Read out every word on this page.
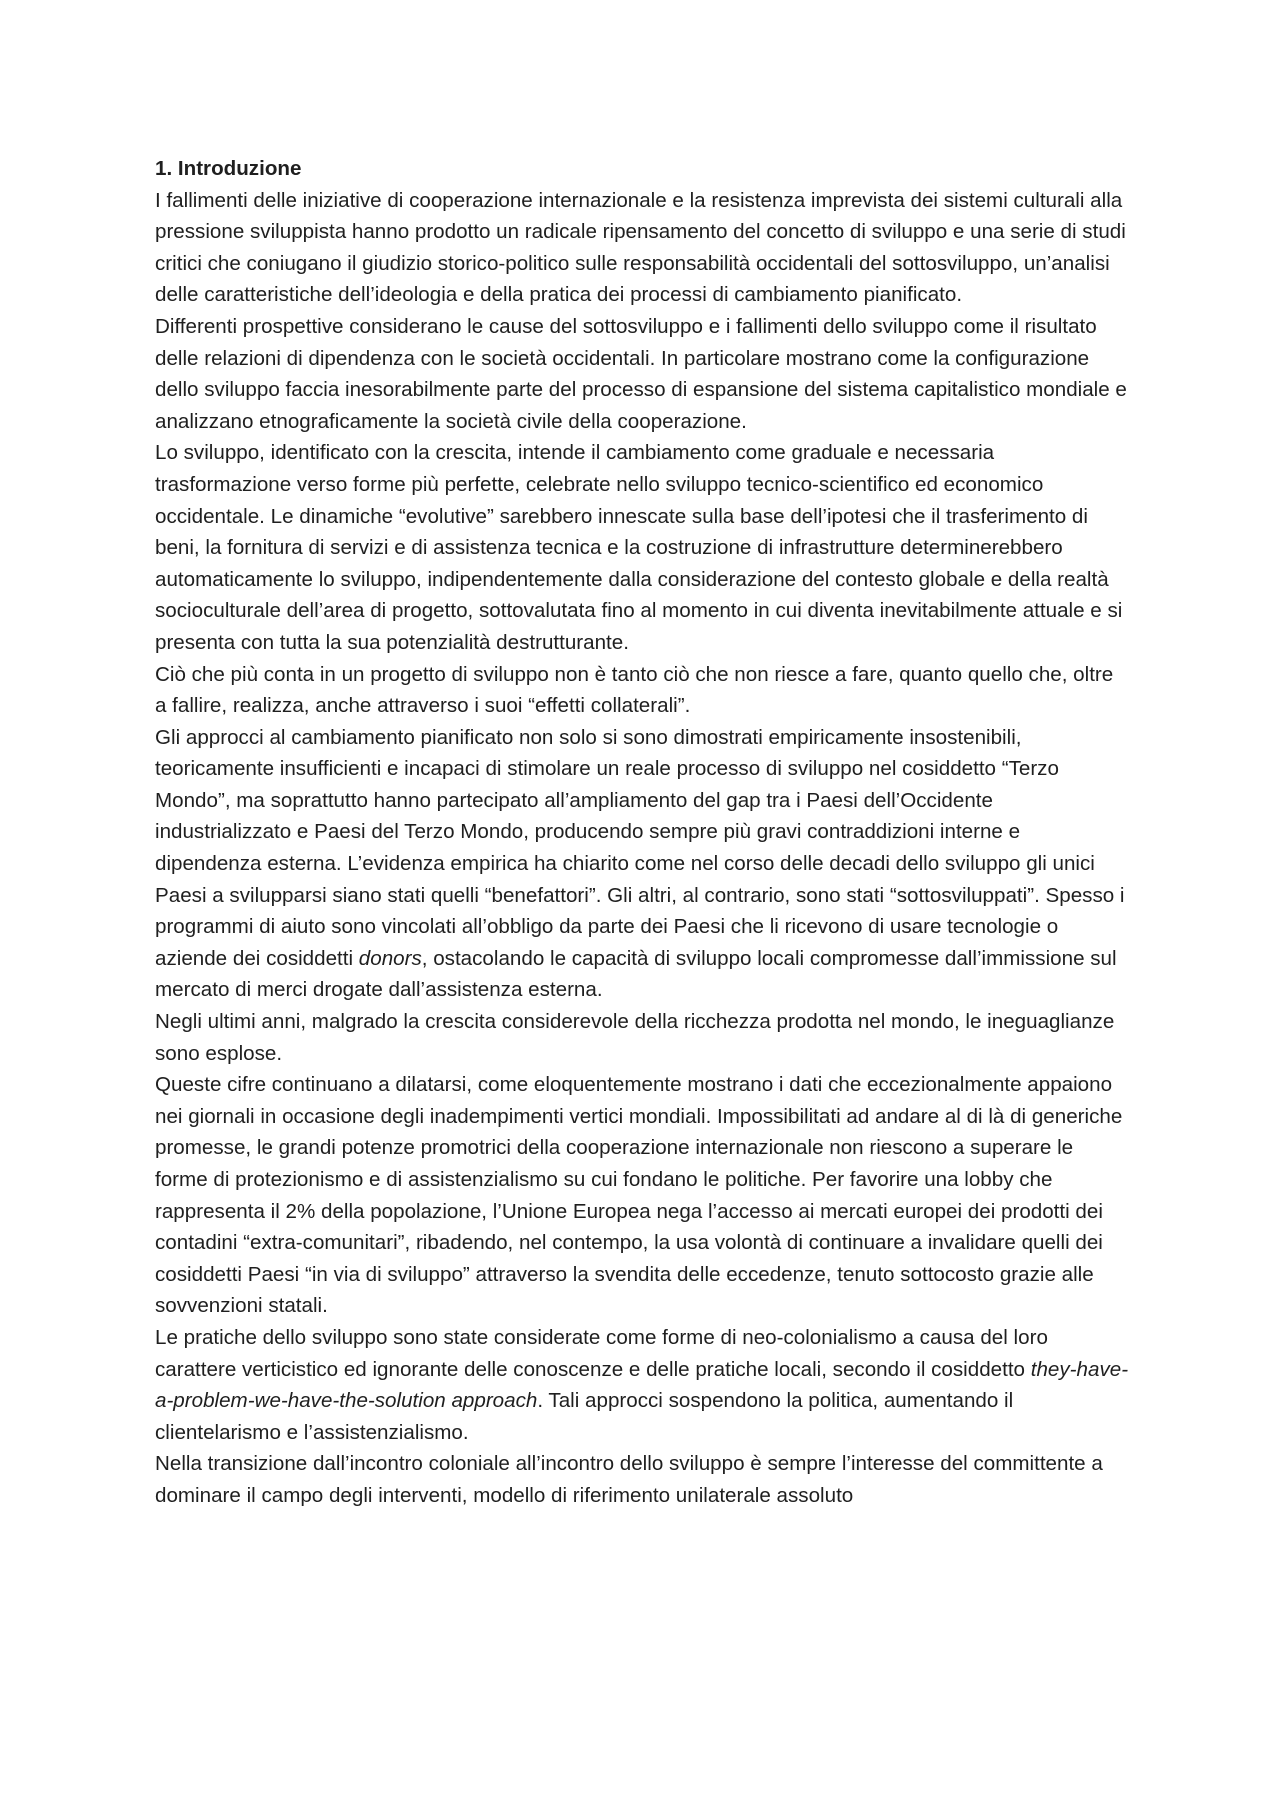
1. Introduzione

I fallimenti delle iniziative di cooperazione internazionale e la resistenza imprevista dei sistemi culturali alla pressione sviluppista hanno prodotto un radicale ripensamento del concetto di sviluppo e una serie di studi critici che coniugano il giudizio storico-politico sulle responsabilità occidentali del sottosviluppo, un’analisi delle caratteristiche dell’ideologia e della pratica dei processi di cambiamento pianificato.

Differenti prospettive considerano le cause del sottosviluppo e i fallimenti dello sviluppo come il risultato delle relazioni di dipendenza con le società occidentali. In particolare mostrano come la configurazione dello sviluppo faccia inesorabilmente parte del processo di espansione del sistema capitalistico mondiale e analizzano etnograficamente la società civile della cooperazione.

Lo sviluppo, identificato con la crescita, intende il cambiamento come graduale e necessaria trasformazione verso forme più perfette, celebrate nello sviluppo tecnico-scientifico ed economico occidentale. Le dinamiche “evolutive” sarebbero innescate sulla base dell’ipotesi che il trasferimento di beni, la fornitura di servizi e di assistenza tecnica e la costruzione di infrastrutture determinerebbero automaticamente lo sviluppo, indipendentemente dalla considerazione del contesto globale e della realtà socioculturale dell’area di progetto, sottovalutata fino al momento in cui diventa inevitabilmente attuale e si presenta con tutta la sua potenzialità destrutturante.

Ciò che più conta in un progetto di sviluppo non è tanto ciò che non riesce a fare, quanto quello che, oltre a fallire, realizza, anche attraverso i suoi “effetti collaterali”.

Gli approcci al cambiamento pianificato non solo si sono dimostrati empiricamente insostenibili, teoricamente insufficienti e incapaci di stimolare un reale processo di sviluppo nel cosiddetto “Terzo Mondo”, ma soprattutto hanno partecipato all’ampliamento del gap tra i Paesi dell’Occidente industrializzato e Paesi del Terzo Mondo, producendo sempre più gravi contraddizioni interne e dipendenza esterna. L’evidenza empirica ha chiarito come nel corso delle decadi dello sviluppo gli unici Paesi a svilupparsi siano stati quelli “benefattori”. Gli altri, al contrario, sono stati “sottosviluppati”. Spesso i programmi di aiuto sono vincolati all’obbligo da parte dei Paesi che li ricevono di usare tecnologie o aziende dei cosiddetti donors, ostacolando le capacità di sviluppo locali compromesse dall’immissione sul mercato di merci drogate dall’assistenza esterna.

Negli ultimi anni, malgrado la crescita considerevole della ricchezza prodotta nel mondo, le ineguaglianze sono esplose.

Queste cifre continuano a dilatarsi, come eloquentemente mostrano i dati che eccezionalmente appaiono nei giornali in occasione degli inadempimenti vertici mondiali. Impossibilitati ad andare al di là di generiche promesse, le grandi potenze promotrici della cooperazione internazionale non riescono a superare le forme di protezionismo e di assistenzialismo su cui fondano le politiche. Per favorire una lobby che rappresenta il 2% della popolazione, l’Unione Europea nega l’accesso ai mercati europei dei prodotti dei contadini “extra-comunitari”, ribadendo, nel contempo, la usa volontà di continuare a invalidare quelli dei cosiddetti Paesi “in via di sviluppo” attraverso la svendita delle eccedenze, tenuto sottocosto grazie alle sovvenzioni statali.

Le pratiche dello sviluppo sono state considerate come forme di neo-colonialismo a causa del loro carattere verticistico ed ignorante delle conoscenze e delle pratiche locali, secondo il cosiddetto they-have-a-problem-we-have-the-solution approach. Tali approcci sospendono la politica, aumentando il clientelarismo e l’assistenzialismo.

Nella transizione dall’incontro coloniale all’incontro dello sviluppo è sempre l’interesse del committente a dominare il campo degli interventi, modello di riferimento unilaterale assoluto
